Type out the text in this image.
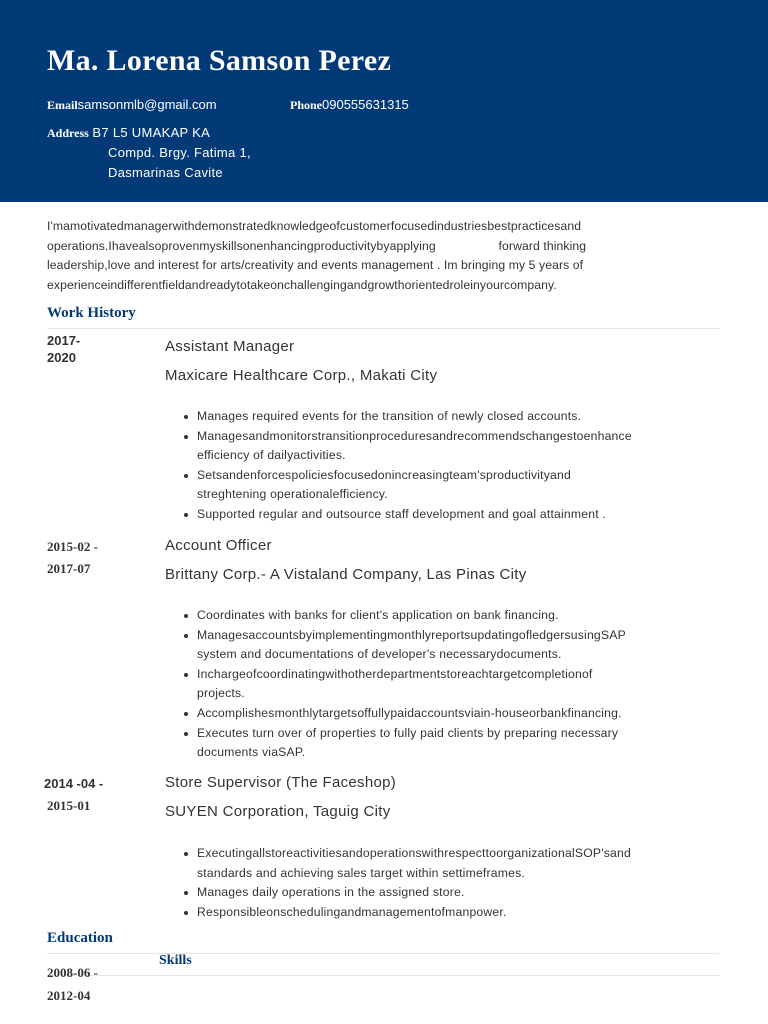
Ma. Lorena Samson Perez
Emailsamsonmlb@gmail.com	Phone090555631315
Address B7 L5 UMAKAP KA
Compd. Brgy. Fatima 1,
Dasmarinas Cavite
I'mamotivatedmanagerwithdemonstratedknowledgeofcustomerfocusedindustriesbestpracticesand
operations.Ihavealsoprovenmyskillsonenhancingproductivitybyapplying                  forward thinking
leadership,love and interest for arts/creativity and events management . Im bringing my 5 years of
experienceindifferentfieldandreadytotakeonchallengingandgrowthorientedroleinyourcompany.
Work History
2017-
2020
Assistant Manager
Maxicare Healthcare Corp., Makati City
Manages required events for the transition of newly closed accounts.
Managesandmonitorstransitionproceduresandrecommendschangestoenhance
efficiency of dailyactivities.
Setsandenforcespoliciesfocusedonincreasingteam'sproductivityand
streghtening operationalefficiency.
Supported regular and outsource staff development and goal attainment .
2015-02 -
2017-07
Account Officer
Brittany Corp.- A Vistaland Company, Las Pinas City
Coordinates with banks for client's application on bank financing.
ManagesaccountsbyimplementingmonthlyreportsupdatingofledgersusingSAP
system and documentations of developer's necessarydocuments.
Inchargeofcoordinatingwithotherdepartmentstoreachtargetcompletionof
projects.
Accomplishesmonthlytargetsoffullypaidaccountsviain-houseorbankfinancing.
Executes turn over of properties to fully paid clients by preparing necessary
documents viaSAP.
2014 -04 -
2015-01
Store Supervisor (The Faceshop)
SUYEN Corporation, Taguig City
ExecutingallstoreactivitiesandoperationswithrespecttoorganizationalSOP'sand
standards and achieving sales target within settimeframes.
Manages daily operations in the assigned store.
Responsibleonschedulingandmanagementofmanpower.
Education
Skills
2008-06 -
2012-04
